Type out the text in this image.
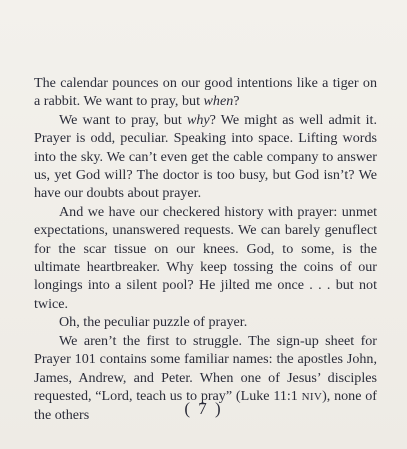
The calendar pounces on our good intentions like a tiger on a rabbit. We want to pray, but when?

We want to pray, but why? We might as well admit it. Prayer is odd, peculiar. Speaking into space. Lifting words into the sky. We can’t even get the cable company to answer us, yet God will? The doctor is too busy, but God isn’t? We have our doubts about prayer.

And we have our checkered history with prayer: unmet expectations, unanswered requests. We can barely genuflect for the scar tissue on our knees. God, to some, is the ultimate heartbreaker. Why keep tossing the coins of our longings into a silent pool? He jilted me once . . . but not twice.

Oh, the peculiar puzzle of prayer.

We aren’t the first to struggle. The sign-up sheet for Prayer 101 contains some familiar names: the apostles John, James, Andrew, and Peter. When one of Jesus’ disciples requested, “Lord, teach us to pray” (Luke 11:1 NIV), none of the others	( 7 )
